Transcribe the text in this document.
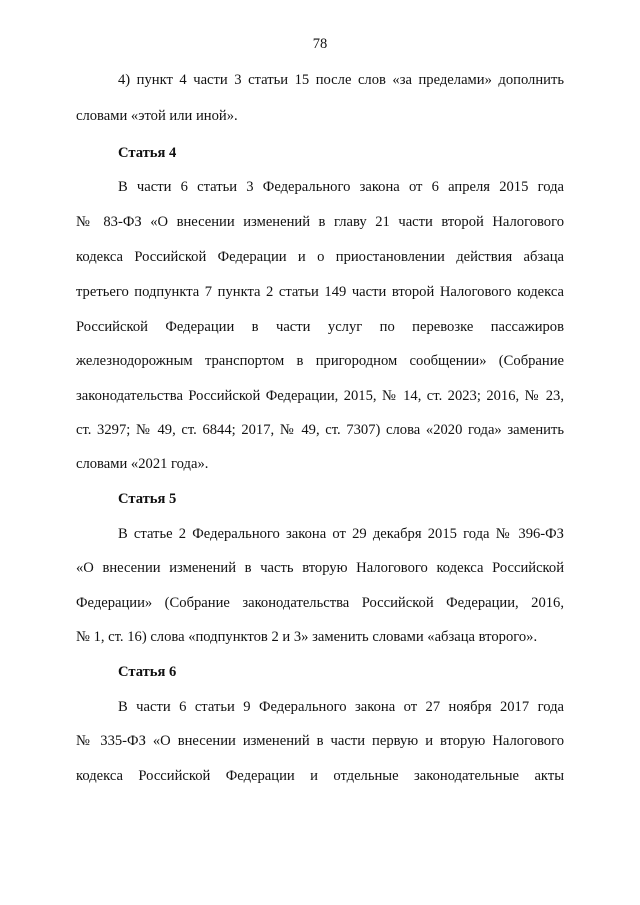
78
4) пункт 4 части 3 статьи 15 после слов «за пределами» дополнить
словами «этой или иной».
Статья 4
В части 6 статьи 3 Федерального закона от 6 апреля 2015 года
№ 83-ФЗ «О внесении изменений в главу 21 части второй Налогового
кодекса Российской Федерации и о приостановлении действия абзаца
третьего подпункта 7 пункта 2 статьи 149 части второй Налогового кодекса
Российской Федерации в части услуг по перевозке пассажиров
железнодорожным транспортом в пригородном сообщении» (Собрание
законодательства Российской Федерации, 2015, № 14, ст. 2023; 2016, № 23,
ст. 3297; № 49, ст. 6844; 2017, № 49, ст. 7307) слова «2020 года» заменить
словами «2021 года».
Статья 5
В статье 2 Федерального закона от 29 декабря 2015 года № 396-ФЗ
«О внесении изменений в часть вторую Налогового кодекса Российской
Федерации» (Собрание законодательства Российской Федерации, 2016,
№ 1, ст. 16) слова «подпунктов 2 и 3» заменить словами «абзаца второго».
Статья 6
В части 6 статьи 9 Федерального закона от 27 ноября 2017 года
№ 335-ФЗ «О внесении изменений в части первую и вторую Налогового
кодекса Российской Федерации и отдельные законодательные акты
